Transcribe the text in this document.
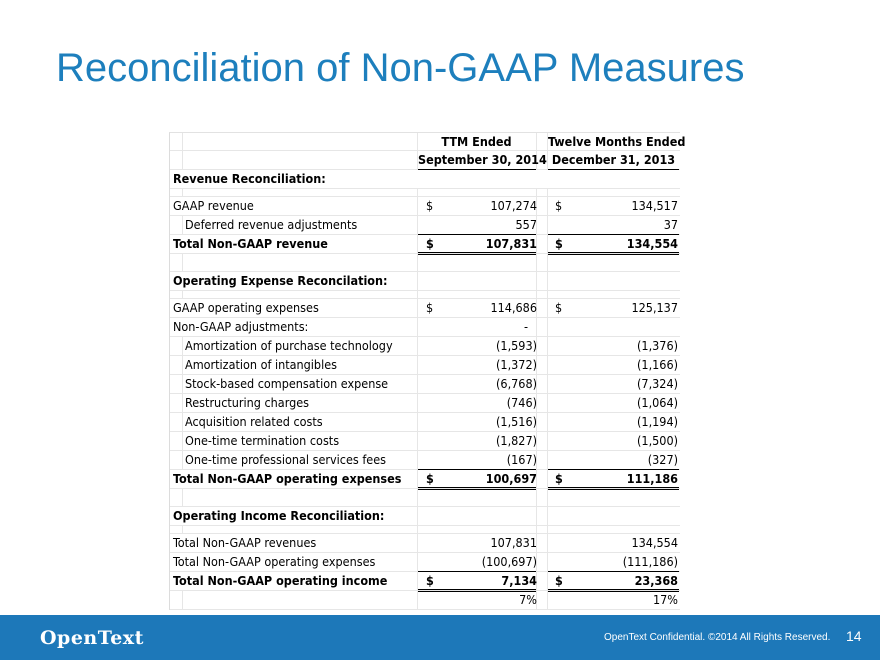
Reconciliation of Non-GAAP Measures
TTM Ended	Twelve Months Ended
September 30, 2014 December 31, 2013
Revenue Reconciliation:
GAAP revenue	$	107,274 $	134,517
Deferred revenue adjustments	557	37
Total Non-GAAP revenue	$	107,831 $	134,554
Operating Expense Reconcilation:
GAAP operating expenses	$	114,686 $	125,137
Non-GAAP adjustments:	-
Amortization of purchase technology	(1,593)	(1,376)
Amortization of intangibles	(1,372)	(1,166)
Stock-based compensation expense	(6,768)	(7,324)
Restructuring charges	(746)	(1,064)
Acquisition related costs	(1,516)	(1,194)
One-time termination costs	(1,827)	(1,500)
One-time professional services fees	(167)	(327)
Total Non-GAAP operating expenses $	100,697 $	111,186
Operating Income Reconciliation:
Total Non-GAAP revenues	107,831	134,554
Total Non-GAAP operating expenses	(100,697)	(111,186)
Total Non-GAAP operating income	$	7,134 $	23,368
7%	17%
OpenText	OpenText Confidential. ©2014 All Rights Reserved. 14
